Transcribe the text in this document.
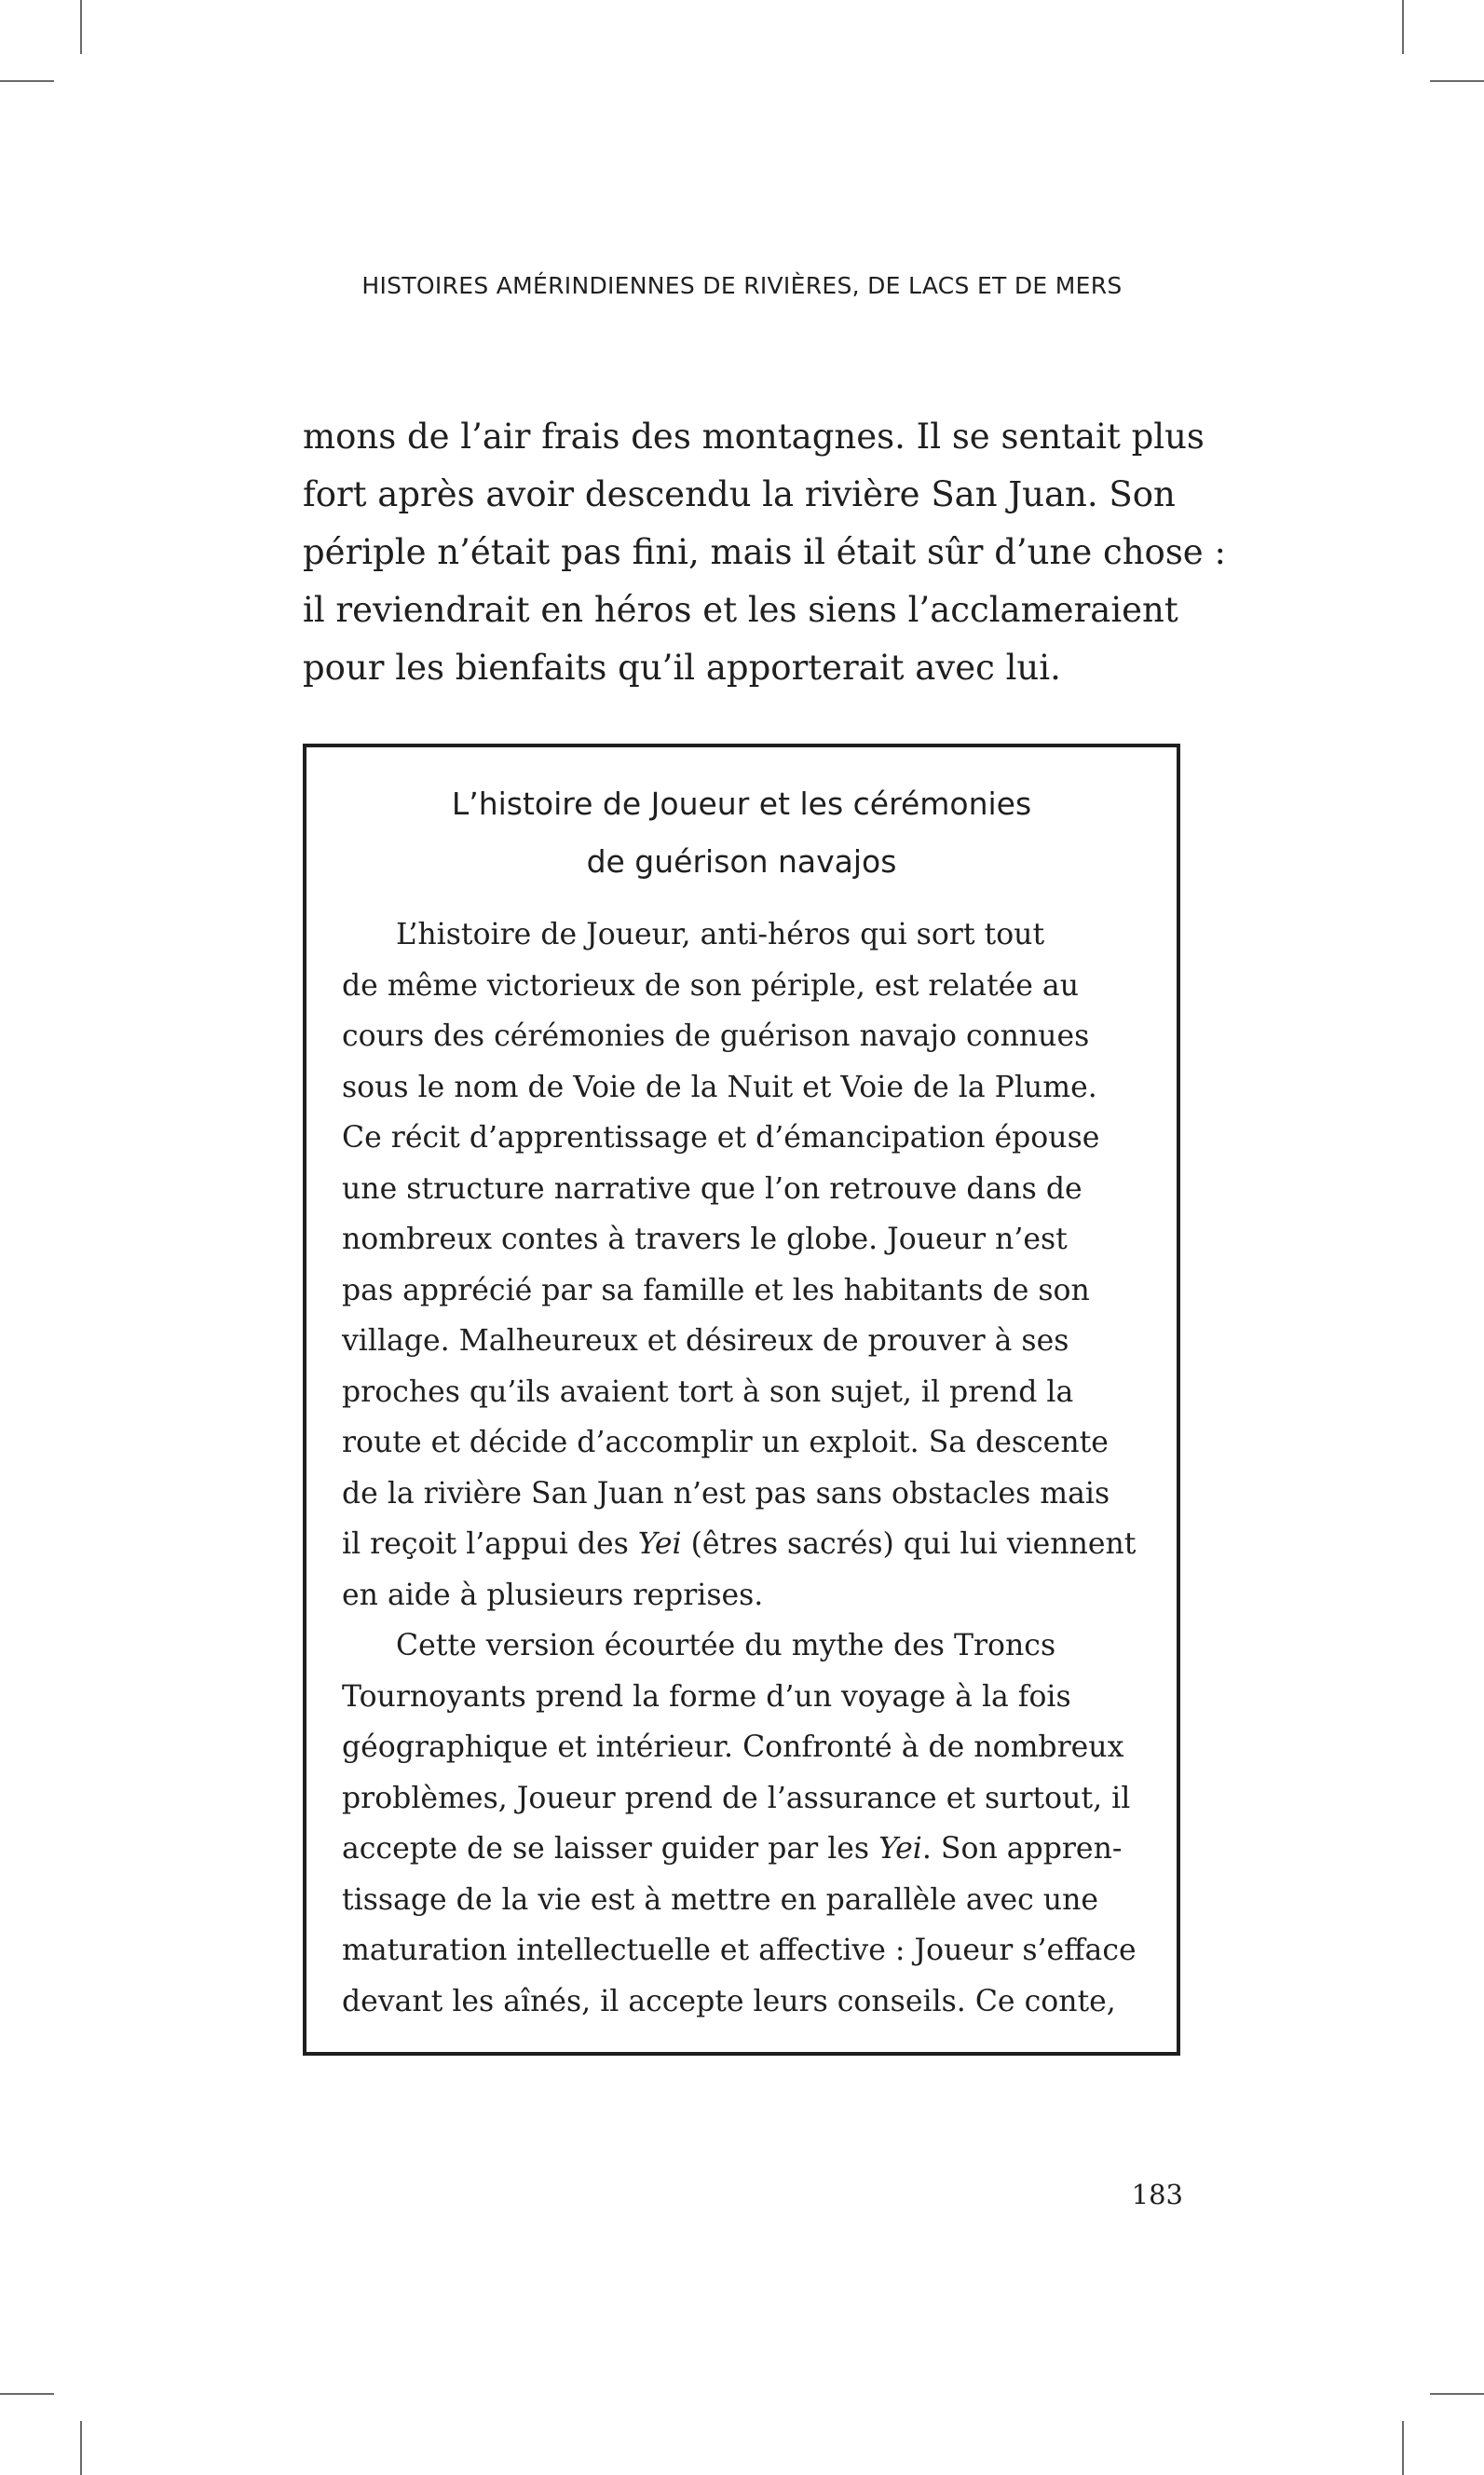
HISTOIRES AMÉRINDIENNES DE RIVIÈRES, DE LACS ET DE MERS
mons de l’air frais des montagnes. Il se sentait plus
fort après avoir descendu la rivière San Juan. Son
périple n’était pas fini, mais il était sûr d’une chose :
il reviendrait en héros et les siens l’acclameraient
pour les bienfaits qu’il apporterait avec lui.
L’histoire de Joueur et les cérémonies
de guérison navajos
L’histoire de Joueur, anti-héros qui sort tout
de même victorieux de son périple, est relatée au
cours des cérémonies de guérison navajo connues
sous le nom de Voie de la Nuit et Voie de la Plume.
Ce récit d’apprentissage et d’émancipation épouse
une structure narrative que l’on retrouve dans de
nombreux contes à travers le globe. Joueur n’est
pas apprécié par sa famille et les habitants de son
village. Malheureux et désireux de prouver à ses
proches qu’ils avaient tort à son sujet, il prend la
route et décide d’accomplir un exploit. Sa descente
de la rivière San Juan n’est pas sans obstacles mais
il reçoit l’appui des Yei (êtres sacrés) qui lui viennent
en aide à plusieurs reprises.
Cette version écourtée du mythe des Troncs
Tournoyants prend la forme d’un voyage à la fois
géographique et intérieur. Confronté à de nombreux
problèmes, Joueur prend de l’assurance et surtout, il
accepte de se laisser guider par les Yei. Son appren-
tissage de la vie est à mettre en parallèle avec une
maturation intellectuelle et affective : Joueur s’efface
devant les aînés, il accepte leurs conseils. Ce conte,
183
